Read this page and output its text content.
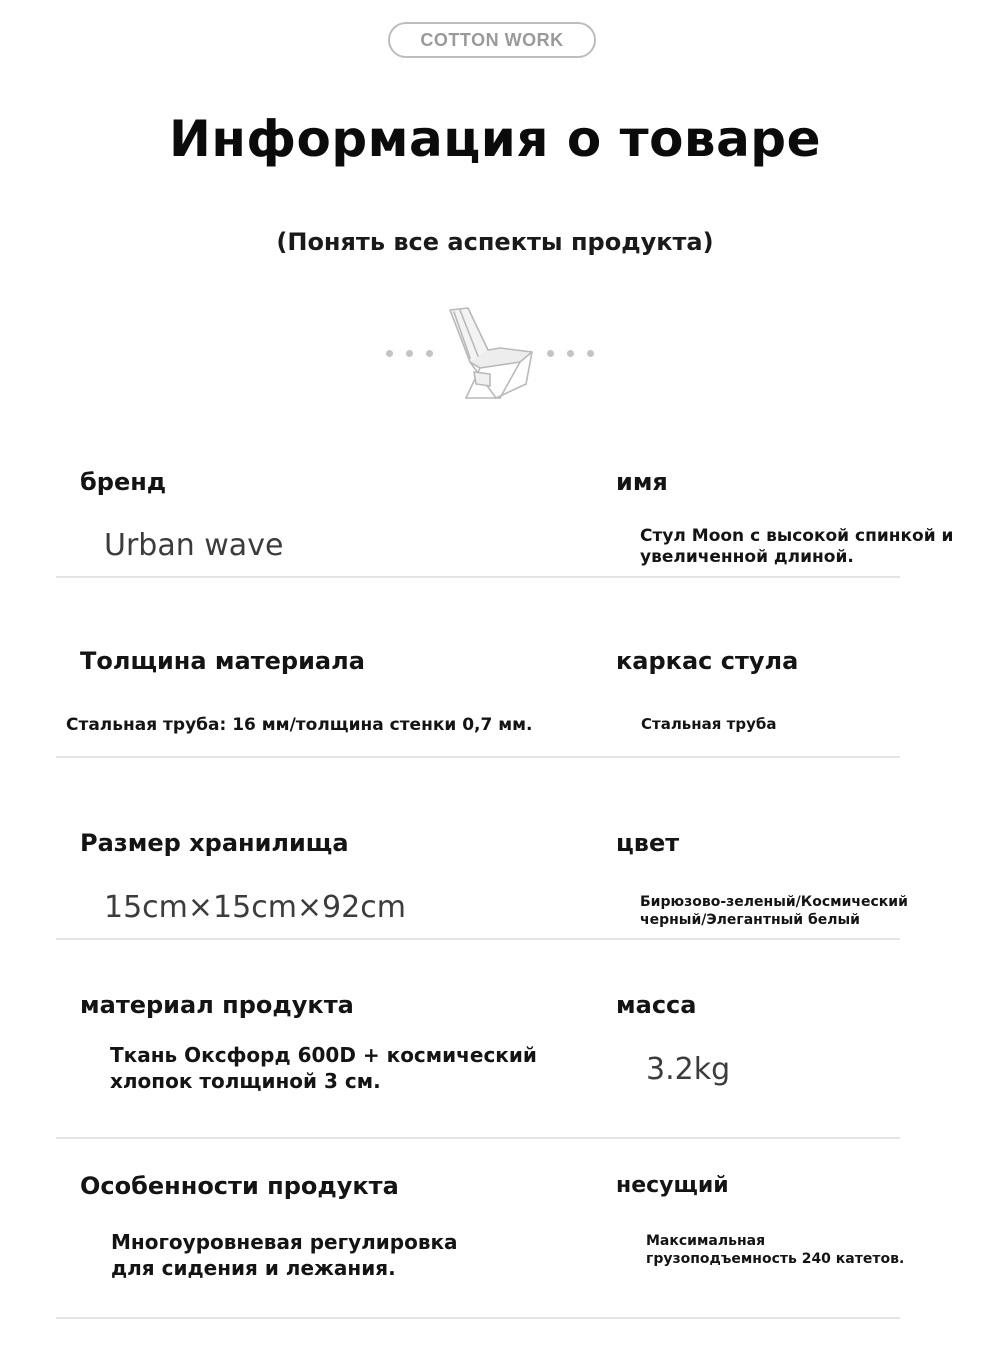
COTTON WORK
Информация о товаре
(Понять все аспекты продукта)
бренд
Urban wave
имя
Стул Moon с высокой спинкой и
увеличенной длиной.
Толщина материала
Стальная труба: 16 мм/толщина стенки 0,7 мм.
каркас стула
Стальная труба
Размер хранилища
15cm×15cm×92cm
цвет
Бирюзово-зеленый/Космический
черный/Элегантный белый
материал продукта
Ткань Оксфорд 600D + космический
хлопок толщиной 3 см.
масса
3.2kg
Особенности продукта
Многоуровневая регулировка
для сидения и лежания.
несущий
Максимальная
грузоподъемность 240 катетов.
